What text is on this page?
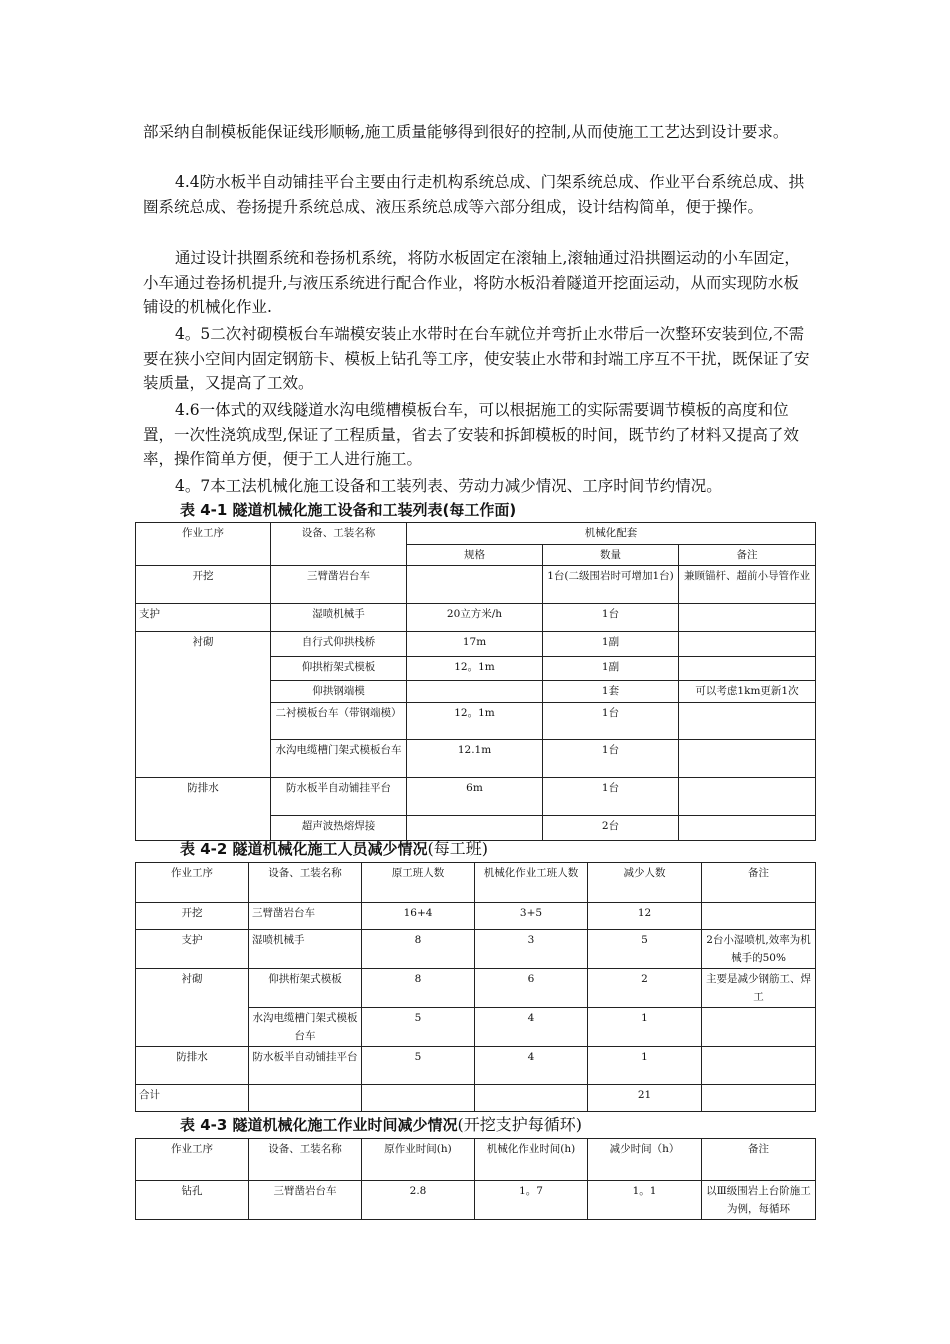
部采纳自制模板能保证线形顺畅,施工质量能够得到很好的控制,从而使施工工艺达到设计要求。

4.4防水板半自动铺挂平台主要由行走机构系统总成、门架系统总成、作业平台系统总成、拱圈系统总成、卷扬提升系统总成、液压系统总成等六部分组成，设计结构简单，便于操作。

通过设计拱圈系统和卷扬机系统，将防水板固定在滚轴上,滚轴通过沿拱圈运动的小车固定，小车通过卷扬机提升,与液压系统进行配合作业，将防水板沿着隧道开挖面运动，从而实现防水板铺设的机械化作业.

4。5二次衬砌模板台车端模安装止水带时在台车就位并弯折止水带后一次整环安装到位,不需要在狭小空间内固定钢筋卡、模板上钻孔等工序，使安装止水带和封端工序互不干扰，既保证了安装质量，又提高了工效。

4.6一体式的双线隧道水沟电缆槽模板台车，可以根据施工的实际需要调节模板的高度和位置，一次性浇筑成型,保证了工程质量，省去了安装和拆卸模板的时间，既节约了材料又提高了效率，操作简单方便，便于工人进行施工。

4。7本工法机械化施工设备和工装列表、劳动力减少情况、工序时间节约情况。

表 4-1 隧道机械化施工设备和工装列表(每工作面)

作业工序	设备、工装名称	机械化配套		
		规格	数量	备注
开挖	三臂凿岩台车		1台(二级围岩时可增加1台)	兼顾锚杆、超前小导管作业
支护	湿喷机械手	20立方米/h	1台	
衬砌	自行式仰拱栈桥	17m	1副	
	仰拱桁架式模板	12。1m	1副	
	仰拱钢端模		1套	可以考虑1km更新1次
	二衬模板台车（带钢端模）	12。1m	1台	
	水沟电缆槽门架式模板台车	12.1m	1台	
防排水	防水板半自动铺挂平台	6m	1台	
	超声波热熔焊接		2台	

表 4-2 隧道机械化施工人员减少情况(每工班)

作业工序	设备、工装名称	原工班人数	机械化作业工班人数	减少人数	备注
开挖	三臂凿岩台车	16+4	3+5	12	
支护	湿喷机械手	8	3	5	2台小湿喷机,效率为机械手的50%
衬砌	仰拱桁架式模板	8	6	2	主要是减少钢筋工、焊工
	水沟电缆槽门架式模板台车	5	4	1	
防排水	防水板半自动铺挂平台	5	4	1	
合计				21	

表 4-3 隧道机械化施工作业时间减少情况(开挖支护每循环)

作业工序	设备、工装名称	原作业时间(h)	机械化作业时间(h)	减少时间（h）	备注
钻孔	三臂凿岩台车	2.8	1。7	1。1	以Ⅲ级围岩上台阶施工为例，每循环
